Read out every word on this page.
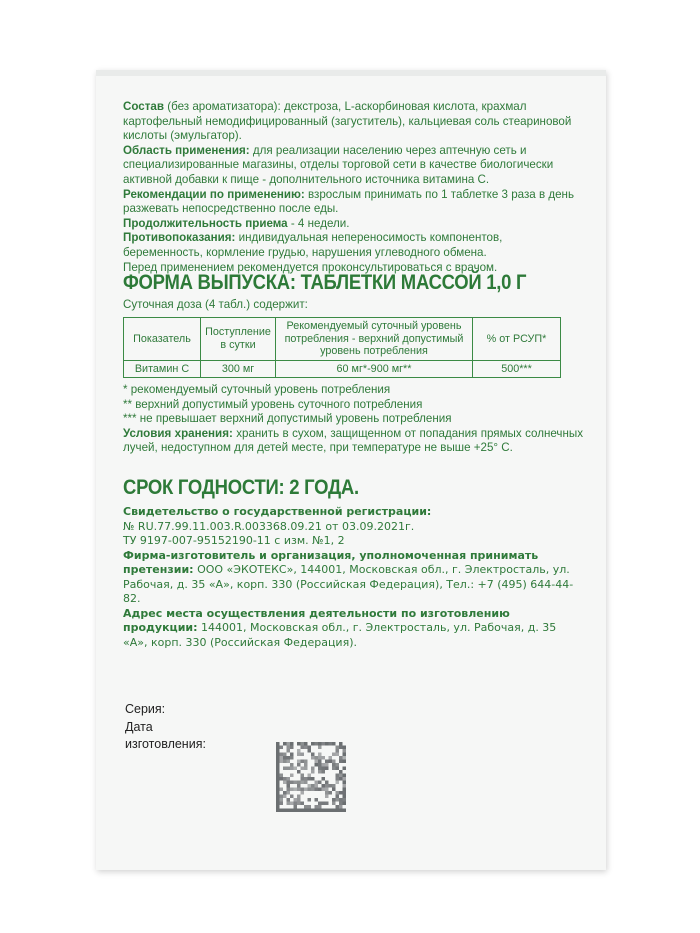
Состав (без ароматизатора): декстроза, L-аскорбиновая кислота, крахмал картофельный немодифицированный (загуститель), кальциевая соль стеариновой кислоты (эмульгатор).

Область применения: для реализации населению через аптечную сеть и специализированные магазины, отделы торговой сети в качестве биологически активной добавки к пище - дополнительного источника витамина С.

Рекомендации по применению: взрослым принимать по 1 таблетке 3 раза в день разжевать непосредственно после еды.

Продолжительность приема - 4 недели.

Противопоказания: индивидуальная непереносимость компонентов, беременность, кормление грудью, нарушения углеводного обмена.

Перед применением рекомендуется проконсультироваться с врачом.

ФОРМА ВЫПУСКА: ТАБЛЕТКИ МАССОЙ 1,0 Г
Суточная доза (4 табл.) содержит:
Показатель	Поступление в сутки	Рекомендуемый суточный уровень потребления - верхний допустимый уровень потребления	% от РСУП*
Витамин С	300 мг	60 мг*-900 мг**	500***

* рекомендуемый суточный уровень потребления

** верхний допустимый уровень суточного потребления

*** не превышает верхний допустимый уровень потребления

Условия хранения: хранить в сухом, защищенном от попадания прямых солнечных лучей, недоступном для детей месте, при температуре не выше +25° С.

СРОК ГОДНОСТИ: 2 ГОДА.

Свидетельство о государственной регистрации:

№ RU.77.99.11.003.R.003368.09.21 от 03.09.2021г.

ТУ 9197-007-95152190-11 с изм. №1, 2

Фирма-изготовитель и организация, уполномоченная принимать претензии: ООО «ЭКОТЕКС», 144001, Московская обл., г. Электросталь, ул. Рабочая, д. 35 «А», корп. 330 (Российская Федерация), Тел.: +7 (495) 644-44-82.

Адрес места осуществления деятельности по изготовлению продукции: 144001, Московская обл., г. Электросталь, ул. Рабочая, д. 35 «А», корп. 330 (Российская Федерация).

Серия:
Дата
изготовления:
